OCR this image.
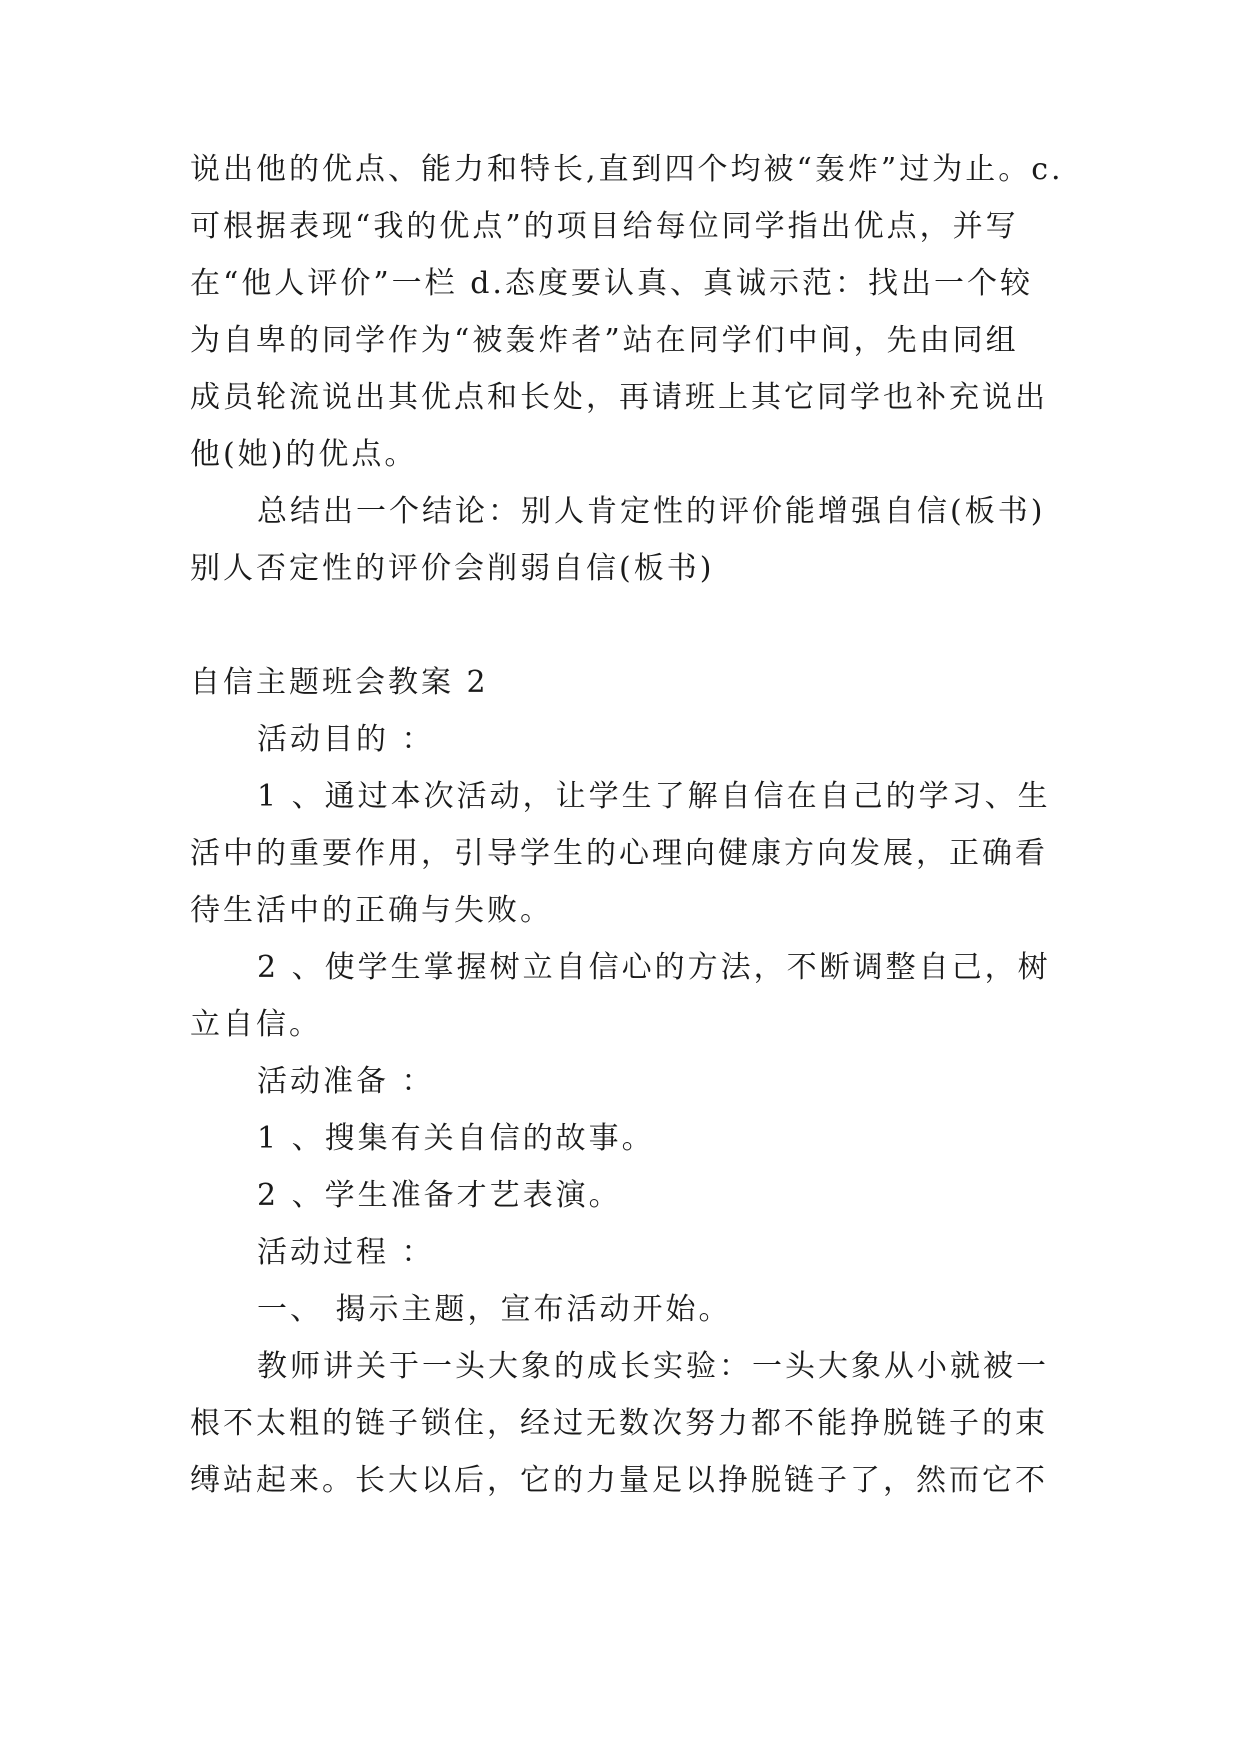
说出他的优点、能力和特长,直到四个均被“轰炸”过为止。c.
可根据表现“我的优点”的项目给每位同学指出优点，并写
在“他人评价”一栏 d.态度要认真、真诚示范：找出一个较
为自卑的同学作为“被轰炸者”站在同学们中间，先由同组
成员轮流说出其优点和长处，再请班上其它同学也补充说出
他(她)的优点。
总结出一个结论：别人肯定性的评价能增强自信(板书)
别人否定性的评价会削弱自信(板书)
自信主题班会教案 2
活动目的 ：
1 、通过本次活动，让学生了解自信在自己的学习、生
活中的重要作用，引导学生的心理向健康方向发展，正确看
待生活中的正确与失败。
2 、使学生掌握树立自信心的方法，不断调整自己，树
立自信。
活动准备 ：
1 、搜集有关自信的故事。
2 、学生准备才艺表演。
活动过程 ：
一、 揭示主题，宣布活动开始。
教师讲关于一头大象的成长实验：一头大象从小就被一
根不太粗的链子锁住，经过无数次努力都不能挣脱链子的束
缚站起来。长大以后，它的力量足以挣脱链子了，然而它不
